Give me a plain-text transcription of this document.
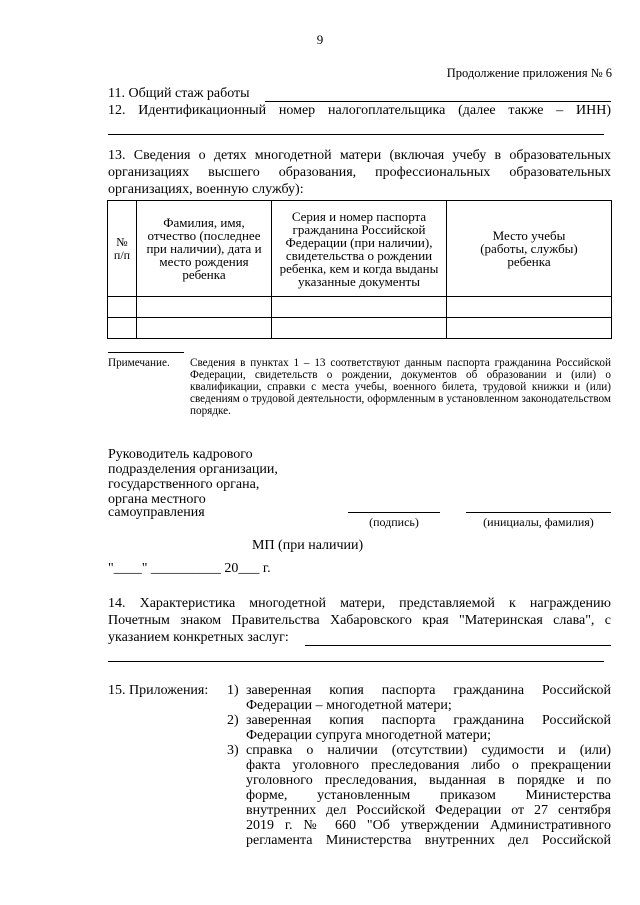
9
Продолжение приложения № 6
11. Общий стаж работы
12. Идентификационный номер налогоплательщика (далее также – ИНН)
13. Сведения о детях многодетной матери (включая учебу в образовательных
организациях высшего образования, профессиональных образовательных
организациях, военную службу):
№ п/п	Фамилия, имя, отчество (последнее при наличии), дата и место рождения ребенка	Серия и номер паспорта гражданина Российской Федерации (при наличии), свидетельства о рождении ребенка, кем и когда выданы указанные документы	Место учебы (работы, службы) ребенка

Примечание. Сведения в пунктах 1 – 13 соответствуют данным паспорта гражданина Российской Федерации, свидетельств о рождении, документов об образовании и (или) о квалификации, справки с места учебы, военного билета, трудовой книжки и (или) сведениям о трудовой деятельности, оформленным в установленном законодательством порядке.
Руководитель кадрового
подразделения организации,
государственного органа,
органа местного
самоуправления
(подпись)	(инициалы, фамилия)
МП (при наличии)
"____" __________ 20___ г.
14. Характеристика многодетной матери, представляемой к награждению
Почетным знаком Правительства Хабаровского края "Материнская слава", с
указанием конкретных заслуг:
15. Приложения: 1) заверенная копия паспорта гражданина Российской
Федерации – многодетной матери;
2) заверенная копия паспорта гражданина Российской
Федерации супруга многодетной матери;
3) справка о наличии (отсутствии) судимости и (или)
факта уголовного преследования либо о прекращении
уголовного преследования, выданная в порядке и по
форме, установленным приказом Министерства
внутренних дел Российской Федерации от 27 сентября
2019 г. № 660 "Об утверждении Административного
регламента Министерства внутренних дел Российской
